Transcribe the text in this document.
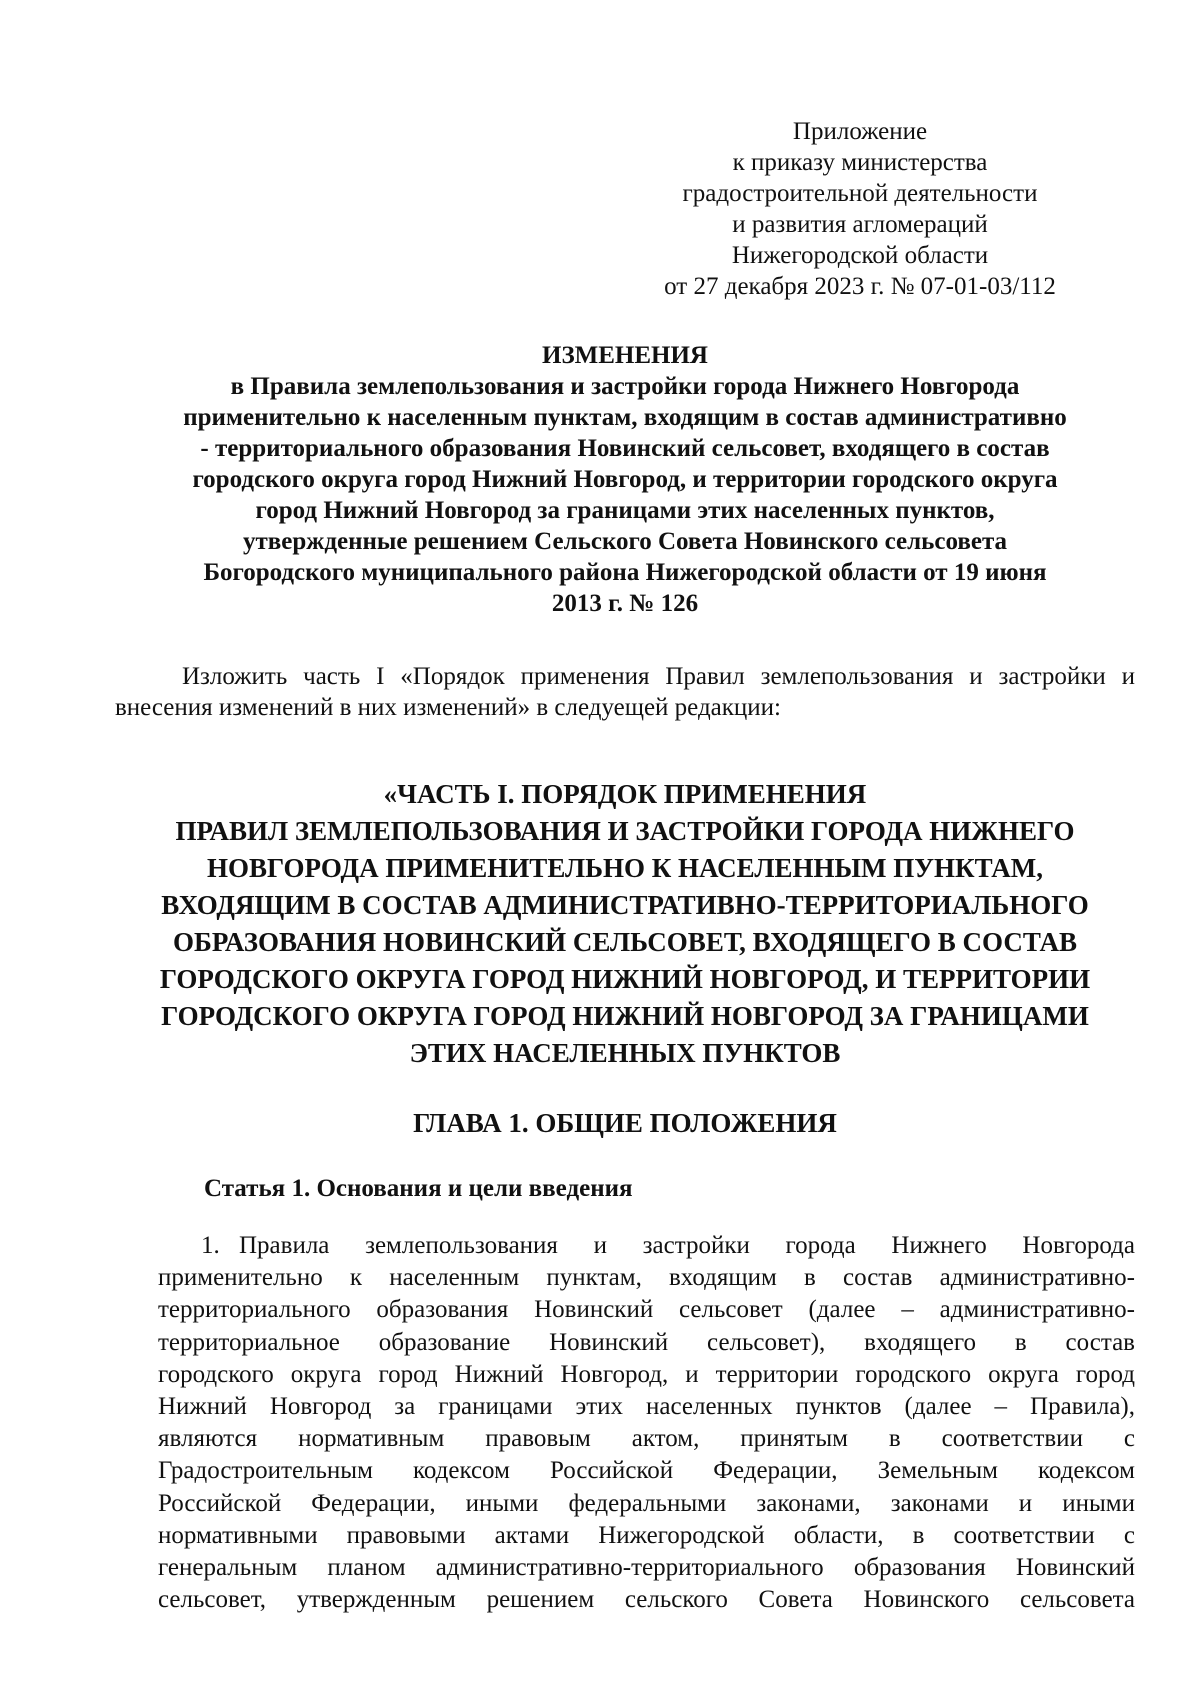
Приложение
к приказу министерства
градостроительной деятельности
и развития агломераций
Нижегородской области
от 27 декабря 2023 г. № 07-01-03/112
ИЗМЕНЕНИЯ
в Правила землепользования и застройки города Нижнего Новгорода
применительно к населенным пунктам, входящим в состав административно
- территориального образования Новинский сельсовет, входящего в состав
городского округа город Нижний Новгород, и территории городского округа
город Нижний Новгород за границами этих населенных пунктов,
утвержденные решением Сельского Совета Новинского сельсовета
Богородского муниципального района Нижегородской области от 19 июня
2013 г. № 126
Изложить часть I «Порядок применения Правил землепользования и застройки и внесения изменений в них изменений» в следуещей редакции:
«ЧАСТЬ I. ПОРЯДОК ПРИМЕНЕНИЯ
ПРАВИЛ ЗЕМЛЕПОЛЬЗОВАНИЯ И ЗАСТРОЙКИ ГОРОДА НИЖНЕГО
НОВГОРОДА ПРИМЕНИТЕЛЬНО К НАСЕЛЕННЫМ ПУНКТАМ,
ВХОДЯЩИМ В СОСТАВ АДМИНИСТРАТИВНО-ТЕРРИТОРИАЛЬНОГО
ОБРАЗОВАНИЯ НОВИНСКИЙ СЕЛЬСОВЕТ, ВХОДЯЩЕГО В СОСТАВ
ГОРОДСКОГО ОКРУГА ГОРОД НИЖНИЙ НОВГОРОД, И ТЕРРИТОРИИ
ГОРОДСКОГО ОКРУГА ГОРОД НИЖНИЙ НОВГОРОД ЗА ГРАНИЦАМИ
ЭТИХ НАСЕЛЕННЫХ ПУНКТОВ
ГЛАВА 1. ОБЩИЕ ПОЛОЖЕНИЯ
Статья 1. Основания и цели введения
1. Правила землепользования и застройки города Нижнего Новгорода
применительно к населенным пунктам, входящим в состав административно-
территориального образования Новинский сельсовет (далее – административно-
территориальное образование Новинский сельсовет), входящего в состав
городского округа город Нижний Новгород, и территории городского округа город
Нижний Новгород за границами этих населенных пунктов (далее – Правила),
являются нормативным правовым актом, принятым в соответствии с
Градостроительным кодексом Российской Федерации, Земельным кодексом
Российской Федерации, иными федеральными законами, законами и иными
нормативными правовыми актами Нижегородской области, в соответствии с
генеральным планом административно-территориального образования Новинский
сельсовет, утвержденным решением сельского Совета Новинского сельсовета
